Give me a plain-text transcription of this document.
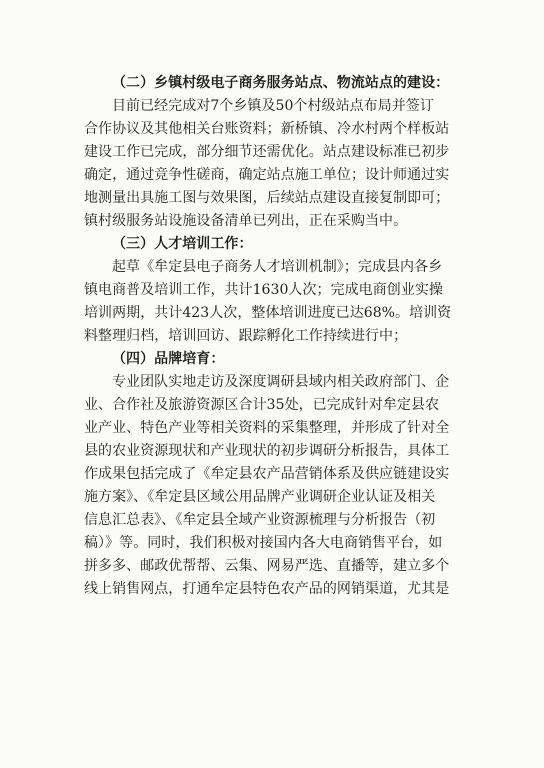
（二）乡镇村级电子商务服务站点、物流站点的建设：
目前已经完成对7个乡镇及50个村级站点布局并签订
合作协议及其他相关台账资料；新桥镇、冷水村两个样板站
建设工作已完成，部分细节还需优化。站点建设标准已初步
确定，通过竞争性磋商，确定站点施工单位；设计师通过实
地测量出具施工图与效果图，后续站点建设直接复制即可；
镇村级服务站设施设备清单已列出，正在采购当中。
（三）人才培训工作：
起草《牟定县电子商务人才培训机制》；完成县内各乡
镇电商普及培训工作，共计1630人次；完成电商创业实操
培训两期，共计423人次，整体培训进度已达68%。培训资
料整理归档，培训回访、跟踪孵化工作持续进行中；
（四）品牌培育：
专业团队实地走访及深度调研县域内相关政府部门、企
业、合作社及旅游资源区合计35处，已完成针对牟定县农
业产业、特色产业等相关资料的采集整理，并形成了针对全
县的农业资源现状和产业现状的初步调研分析报告，具体工
作成果包括完成了《牟定县农产品营销体系及供应链建设实
施方案》、《牟定县区域公用品牌产业调研企业认证及相关
信息汇总表》、《牟定县全域产业资源梳理与分析报告（初
稿）》等。同时，我们积极对接国内各大电商销售平台，如
拼多多、邮政优帮帮、云集、网易严选、直播等，建立多个
线上销售网点，打通牟定县特色农产品的网销渠道，尤其是
